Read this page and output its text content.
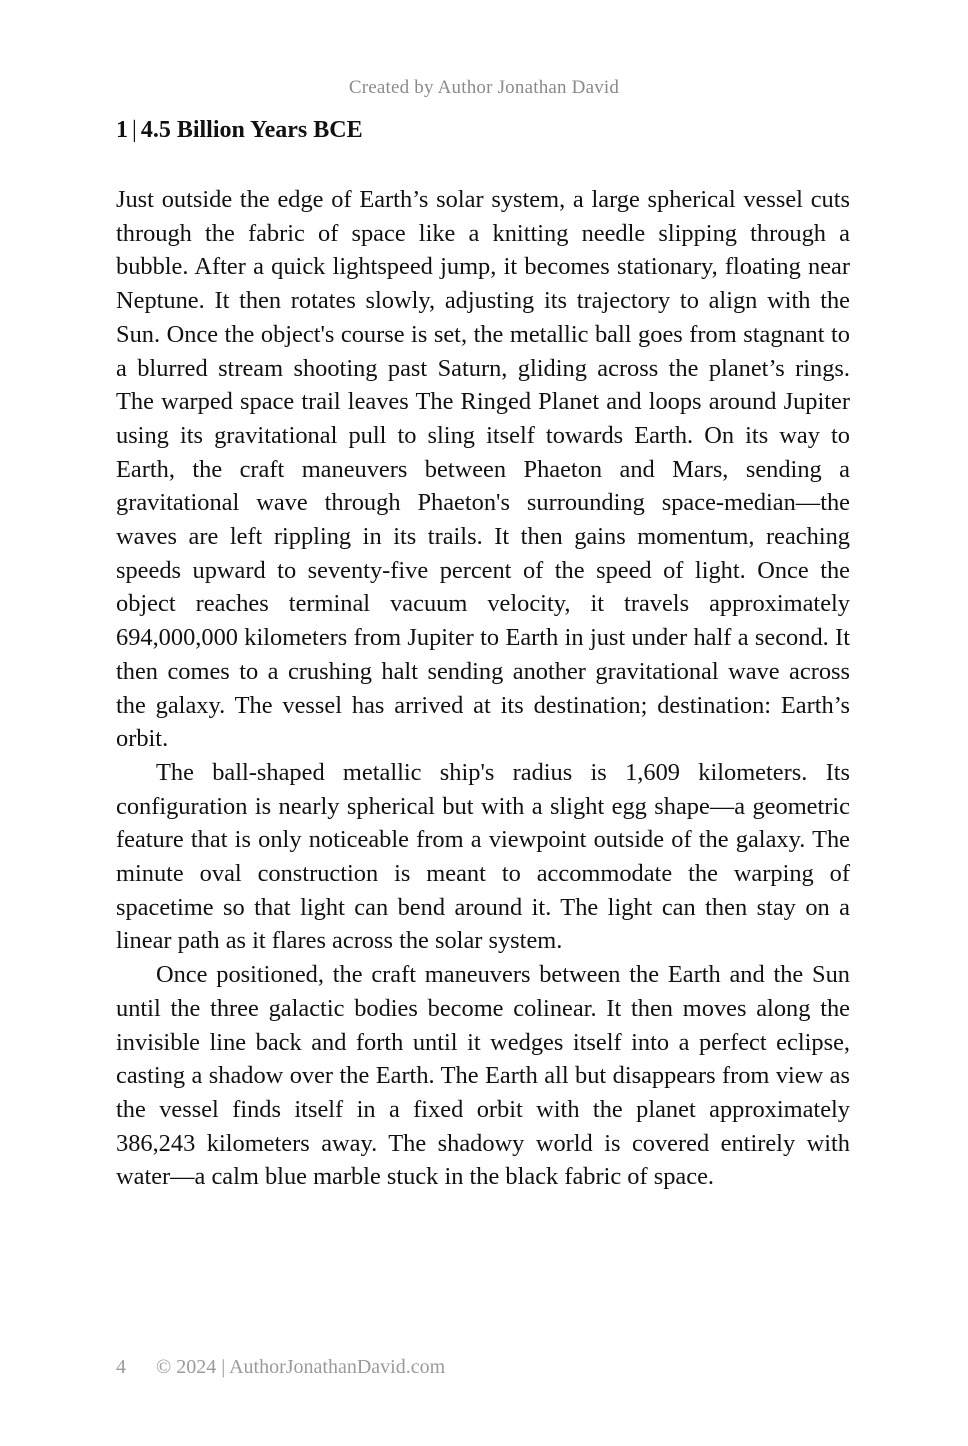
Created by Author Jonathan David
1 | 4.5 Billion Years BCE

Just outside the edge of Earth’s solar system, a large spherical vessel cuts through the fabric of space like a knitting needle slipping through a bubble. After a quick lightspeed jump, it becomes stationary, floating near Neptune. It then rotates slowly, adjusting its trajectory to align with the Sun. Once the object's course is set, the metallic ball goes from stagnant to a blurred stream shooting past Saturn, gliding across the planet’s rings. The warped space trail leaves The Ringed Planet and loops around Jupiter using its gravitational pull to sling itself towards Earth. On its way to Earth, the craft maneuvers between Phaeton and Mars, sending a gravitational wave through Phaeton's surrounding space-median—the waves are left rippling in its trails. It then gains momentum, reaching speeds upward to seventy-five percent of the speed of light. Once the object reaches terminal vacuum velocity, it travels approximately 694,000,000 kilometers from Jupiter to Earth in just under half a second. It then comes to a crushing halt sending another gravitational wave across the galaxy. The vessel has arrived at its destination; destination: Earth’s orbit.

The ball-shaped metallic ship's radius is 1,609 kilometers. Its configuration is nearly spherical but with a slight egg shape—a geometric feature that is only noticeable from a viewpoint outside of the galaxy. The minute oval construction is meant to accommodate the warping of spacetime so that light can bend around it. The light can then stay on a linear path as it flares across the solar system.

Once positioned, the craft maneuvers between the Earth and the Sun until the three galactic bodies become colinear. It then moves along the invisible line back and forth until it wedges itself into a perfect eclipse, casting a shadow over the Earth. The Earth all but disappears from view as the vessel finds itself in a fixed orbit with the planet approximately 386,243 kilometers away. The shadowy world is covered entirely with water—a calm blue marble stuck in the black fabric of space.

4 © 2024 | AuthorJonathanDavid.com
